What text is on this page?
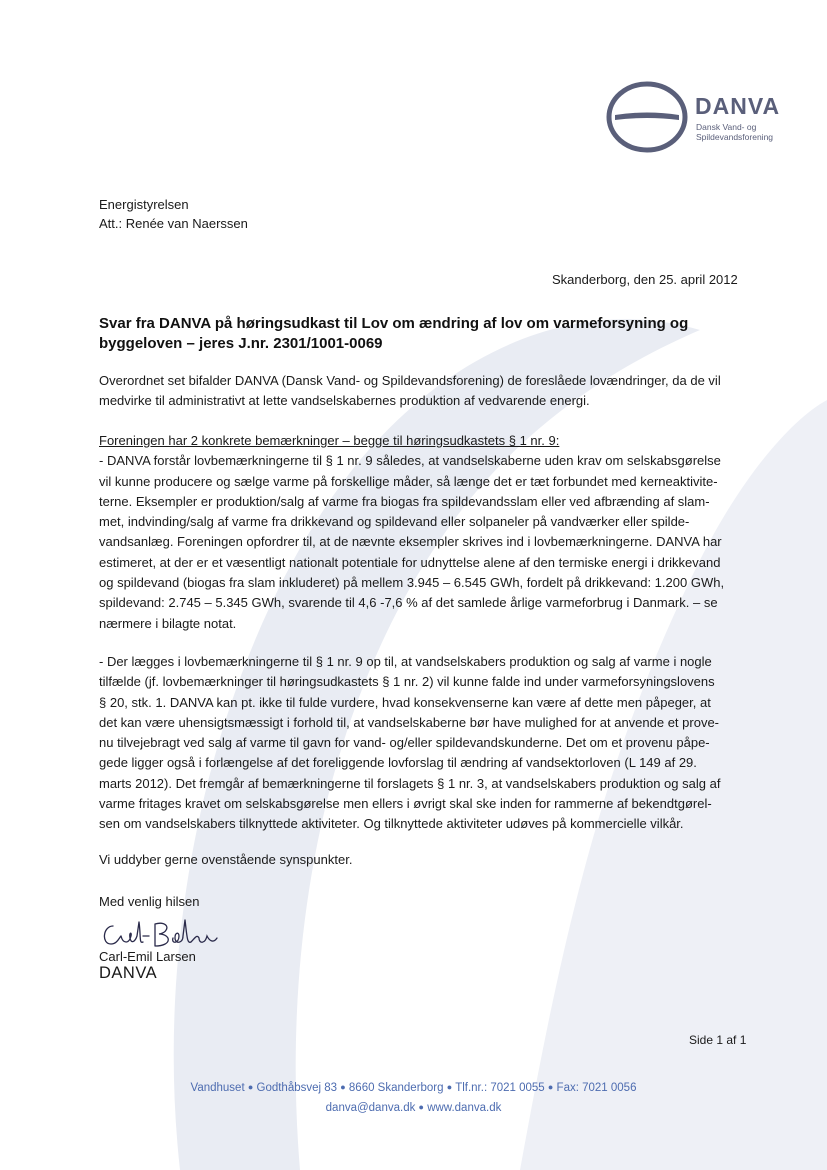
DANVA
Dansk Vand- og
Spildevandsforening
Energistyrelsen
Att.: Renée van Naerssen
Skanderborg, den 25. april 2012
Svar fra DANVA på høringsudkast til Lov om ændring af lov om varmeforsyning og byggeloven – jeres J.nr. 2301/1001-0069
Overordnet set bifalder DANVA (Dansk Vand- og Spildevandsforening) de foreslåede lovændringer, da de vil
medvirke til administrativt at lette vandselskabernes produktion af vedvarende energi.
Foreningen har 2 konkrete bemærkninger – begge til høringsudkastets § 1 nr. 9:
- DANVA forstår lovbemærkningerne til § 1 nr. 9 således, at vandselskaberne uden krav om selskabsgørelse
vil kunne producere og sælge varme på forskellige måder, så længe det er tæt forbundet med kerneaktivite-
terne. Eksempler er produktion/salg af varme fra biogas fra spildevandsslam eller ved afbrænding af slam-
met, indvinding/salg af varme fra drikkevand og spildevand eller solpaneler på vandværker eller spilde-
vandsanlæg. Foreningen opfordrer til, at de nævnte eksempler skrives ind i lovbemærkningerne. DANVA har
estimeret, at der er et væsentligt nationalt potentiale for udnyttelse alene af den termiske energi i drikkevand
og spildevand (biogas fra slam inkluderet) på mellem 3.945 – 6.545 GWh, fordelt på drikkevand: 1.200 GWh,
spildevand: 2.745 – 5.345 GWh, svarende til 4,6 -7,6 % af det samlede årlige varmeforbrug i Danmark. – se
nærmere i bilagte notat.
- Der lægges i lovbemærkningerne til § 1 nr. 9 op til, at vandselskabers produktion og salg af varme i nogle
tilfælde (jf. lovbemærkninger til høringsudkastets § 1 nr. 2) vil kunne falde ind under varmeforsyningslovens
§ 20, stk. 1. DANVA kan pt. ikke til fulde vurdere, hvad konsekvenserne kan være af dette men påpeger, at
det kan være uhensigtsmæssigt i forhold til, at vandselskaberne bør have mulighed for at anvende et prove-
nu tilvejebragt ved salg af varme til gavn for vand- og/eller spildevandskunderne. Det om et provenu påpe-
gede ligger også i forlængelse af det foreliggende lovforslag til ændring af vandsektorloven (L 149 af 29.
marts 2012). Det fremgår af bemærkningerne til forslagets § 1 nr. 3, at vandselskabers produktion og salg af
varme fritages kravet om selskabsgørelse men ellers i øvrigt skal ske inden for rammerne af bekendtgørel-
sen om vandselskabers tilknyttede aktiviteter. Og tilknyttede aktiviteter udøves på kommercielle vilkår.
Vi uddyber gerne ovenstående synspunkter.
Med venlig hilsen
Carl-Emil Larsen
DANVA
Side 1 af 1
Vandhuset ● Godthåbsvej 83 ● 8660 Skanderborg ● Tlf.nr.: 7021 0055 ● Fax: 7021 0056
danva@danva.dk ● www.danva.dk
